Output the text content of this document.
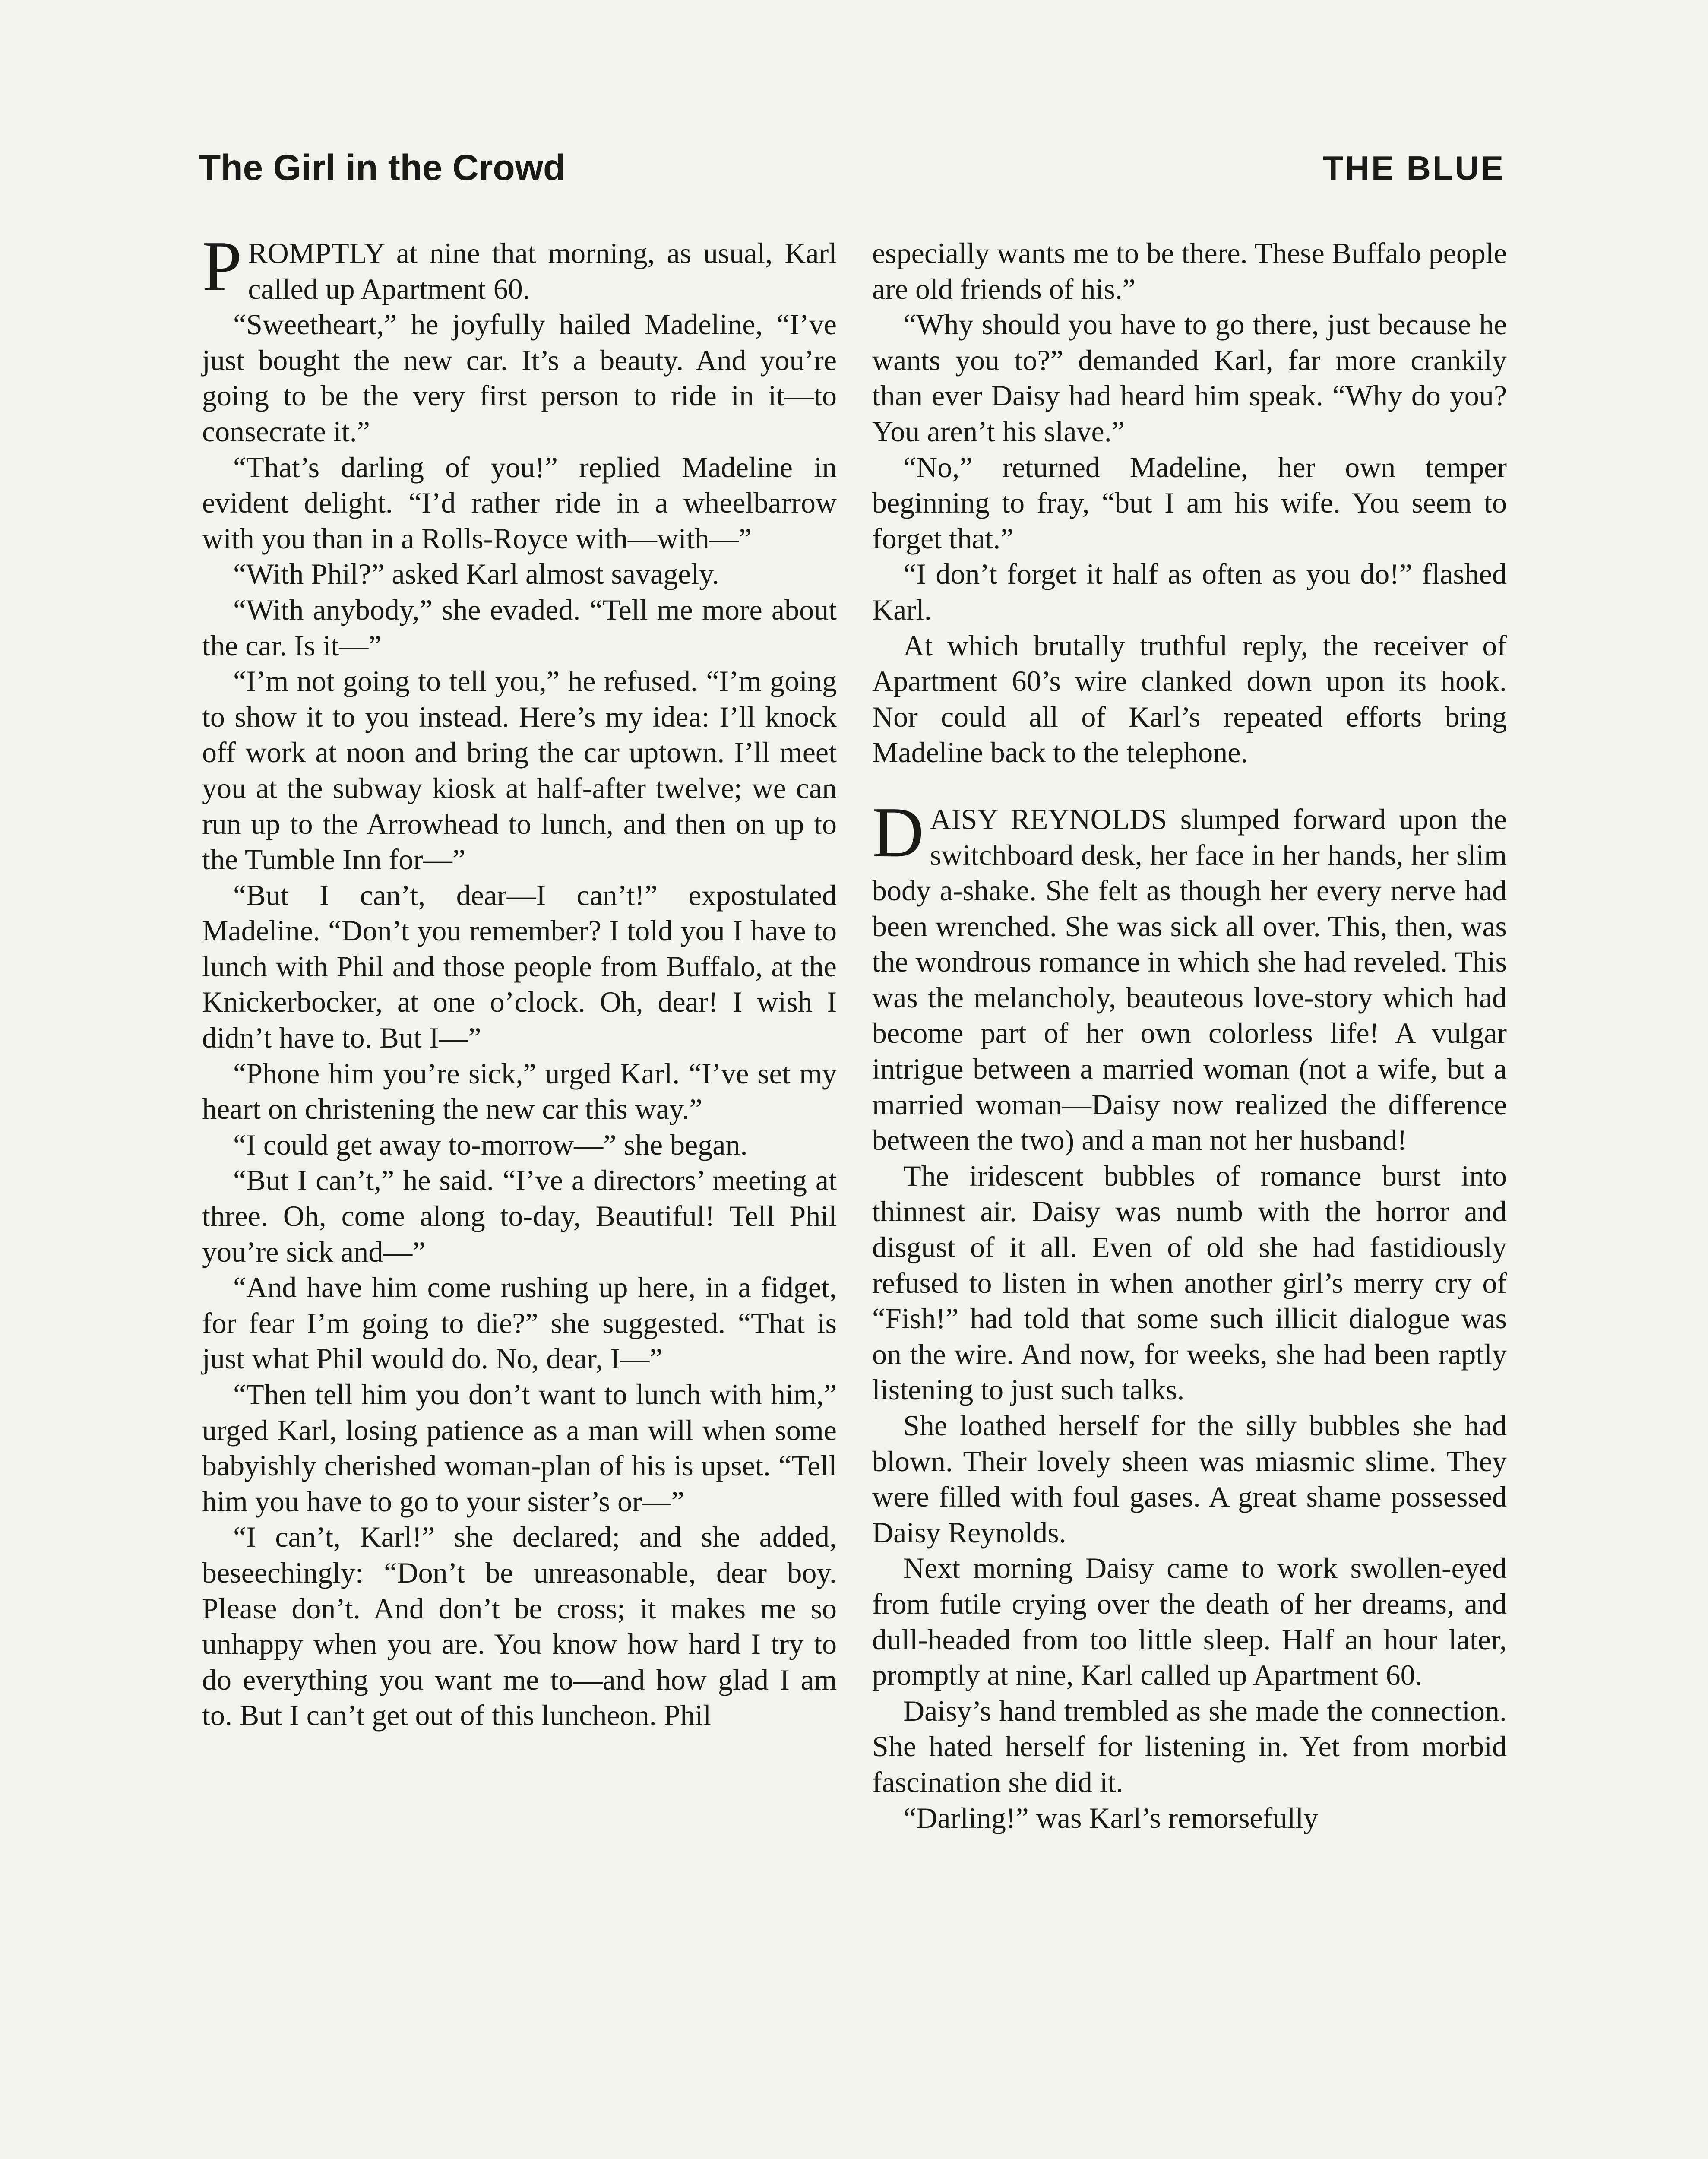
The Girl in the Crowd	THE BLUE

PROMPTLY at nine that morning, as usual, Karl called up Apartment 60.

“Sweetheart,” he joyfully hailed Madeline, “I’ve just bought the new car. It’s a beauty. And you’re going to be the very first person to ride in it—to consecrate it.”

“That’s darling of you!” replied Madeline in evident delight. “I’d rather ride in a wheelbarrow with you than in a Rolls-Royce with—with—”

“With Phil?” asked Karl almost savagely.

“With anybody,” she evaded. “Tell me more about the car. Is it—”

“I’m not going to tell you,” he refused. “I’m going to show it to you instead. Here’s my idea: I’ll knock off work at noon and bring the car uptown. I’ll meet you at the subway kiosk at half-after twelve; we can run up to the Arrowhead to lunch, and then on up to the Tumble Inn for—”

“But I can’t, dear—I can’t!” expostulated Madeline. “Don’t you remember? I told you I have to lunch with Phil and those people from Buffalo, at the Knickerbocker, at one o’clock. Oh, dear! I wish I didn’t have to. But I—”

“Phone him you’re sick,” urged Karl. “I’ve set my heart on christening the new car this way.”

“I could get away to-morrow—” she began.

“But I can’t,” he said. “I’ve a directors’ meeting at three. Oh, come along to-day, Beautiful! Tell Phil you’re sick and—”

“And have him come rushing up here, in a fidget, for fear I’m going to die?” she suggested. “That is just what Phil would do. No, dear, I—”

“Then tell him you don’t want to lunch with him,” urged Karl, losing patience as a man will when some babyishly cherished woman-plan of his is upset. “Tell him you have to go to your sister’s or—”

“I can’t, Karl!” she declared; and she added, beseechingly: “Don’t be unreasonable, dear boy. Please don’t. And don’t be cross; it makes me so unhappy when you are. You know how hard I try to do everything you want me to—and how glad I am to. But I can’t get out of this luncheon. Phil

especially wants me to be there. These Buffalo people are old friends of his.”

“Why should you have to go there, just because he wants you to?” demanded Karl, far more crankily than ever Daisy had heard him speak. “Why do you? You aren’t his slave.”

“No,” returned Madeline, her own temper beginning to fray, “but I am his wife. You seem to forget that.”

“I don’t forget it half as often as you do!” flashed Karl.

At which brutally truthful reply, the receiver of Apartment 60’s wire clanked down upon its hook. Nor could all of Karl’s repeated efforts bring Madeline back to the telephone.

DAISY REYNOLDS slumped forward upon the switchboard desk, her face in her hands, her slim body a-shake. She felt as though her every nerve had been wrenched. She was sick all over. This, then, was the wondrous romance in which she had reveled. This was the melancholy, beauteous love-story which had become part of her own colorless life! A vulgar intrigue between a married woman (not a wife, but a married woman—Daisy now realized the difference between the two) and a man not her husband!

The iridescent bubbles of romance burst into thinnest air. Daisy was numb with the horror and disgust of it all. Even of old she had fastidiously refused to listen in when another girl’s merry cry of “Fish!” had told that some such illicit dialogue was on the wire. And now, for weeks, she had been raptly listening to just such talks.

She loathed herself for the silly bubbles she had blown. Their lovely sheen was miasmic slime. They were filled with foul gases. A great shame possessed Daisy Reynolds.

Next morning Daisy came to work swollen-eyed from futile crying over the death of her dreams, and dull-headed from too little sleep. Half an hour later, promptly at nine, Karl called up Apartment 60.

Daisy’s hand trembled as she made the connection. She hated herself for listening in. Yet from morbid fascination she did it.

“Darling!” was Karl’s remorsefully
